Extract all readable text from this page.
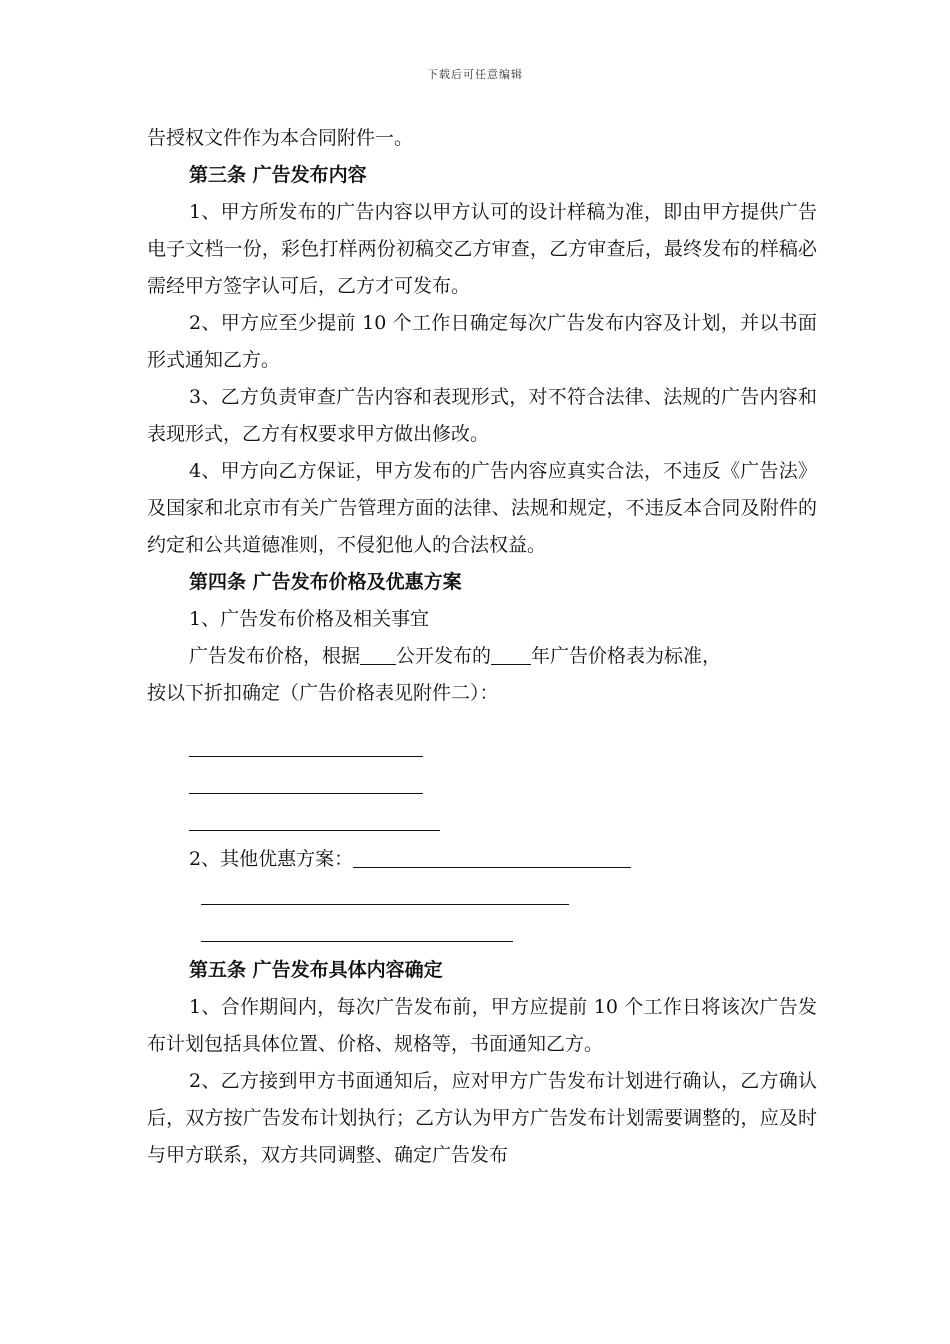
下载后可任意编辑

告授权文件作为本合同附件一。

第三条 广告发布内容

1、甲方所发布的广告内容以甲方认可的设计样稿为准，即由甲方提供广告电子文档一份，彩色打样两份初稿交乙方审查，乙方审查后，最终发布的样稿必需经甲方签字认可后，乙方才可发布。

2、甲方应至少提前 10 个工作日确定每次广告发布内容及计划，并以书面形式通知乙方。

3、乙方负责审查广告内容和表现形式，对不符合法律、法规的广告内容和表现形式，乙方有权要求甲方做出修改。

4、甲方向乙方保证，甲方发布的广告内容应真实合法，不违反《广告法》及国家和北京市有关广告管理方面的法律、法规和规定，不违反本合同及附件的约定和公共道德准则，不侵犯他人的合法权益。

第四条 广告发布价格及优惠方案

1、广告发布价格及相关事宜

广告发布价格，根据 公开发布的 年广告价格表为标准，

按以下折扣确定（广告价格表见附件二）：

2、其他优惠方案：

第五条 广告发布具体内容确定

1、合作期间内，每次广告发布前，甲方应提前 10 个工作日将该次广告发布计划包括具体位置、价格、规格等，书面通知乙方。

2、乙方接到甲方书面通知后，应对甲方广告发布计划进行确认，乙方确认后，双方按广告发布计划执行；乙方认为甲方广告发布计划需要调整的，应及时与甲方联系，双方共同调整、确定广告发布
